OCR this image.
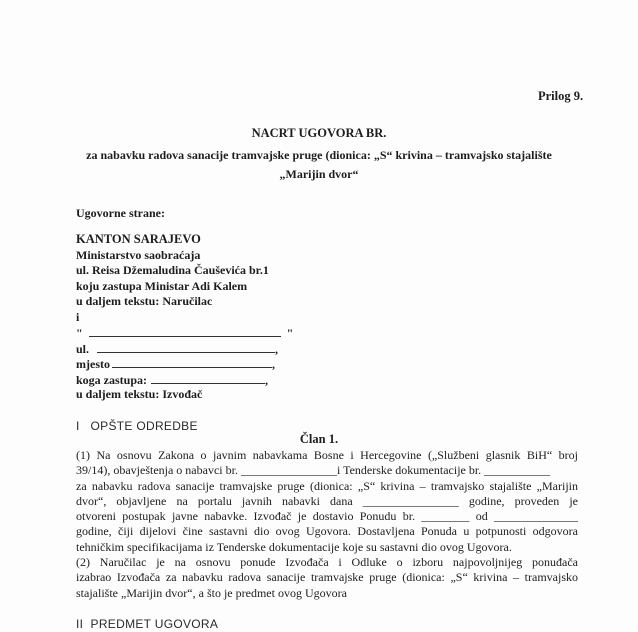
Prilog 9.
NACRT UGOVORA BR.
za nabavku radova sanacije tramvajske pruge (dionica: „S“ krivina – tramvajsko stajalište
„Marijin dvor“
Ugovorne strane:
KANTON SARAJEVO
Ministarstvo saobraćaja
ul. Reisa Džemaludina Čauševića br.1
koju zastupa Ministar Adi Kalem
u daljem tekstu: Naručilac
i
"	"
ul.	,
mjesto	,
koga zastupa:	,
u daljem tekstu: Izvođač
I   OPŠTE ODREDBE
Član 1.
(1) Na osnovu Zakona o javnim nabavkama Bosne i Hercegovine („Službeni glasnik BiH“ broj
39/14), obavještenja o nabavci br. ________________i Tenderske dokumentacije br. ___________
za nabavku radova sanacije tramvajske pruge (dionica: „S“ krivina – tramvajsko stajalište „Marijin
dvor“, objavljene na portalu javnih nabavki dana ________________ godine, proveden je
otvoreni postupak javne nabavke. Izvođač je dostavio Ponudu br. ________ od ______________
godine, čiji dijelovi čine sastavni dio ovog Ugovora. Dostavljena Ponuda u potpunosti odgovora
tehničkim specifikacijama iz Tenderske dokumentacije koje su sastavni dio ovog Ugovora.
(2) Naručilac je na osnovu ponude Izvođača i Odluke o izboru najpovoljnijeg ponuđača
izabrao Izvođača za nabavku radova sanacije tramvajske pruge (dionica: „S“ krivina – tramvajsko
stajalište „Marijin dvor“, a što je predmet ovog Ugovora
II  PREDMET UGOVORA
